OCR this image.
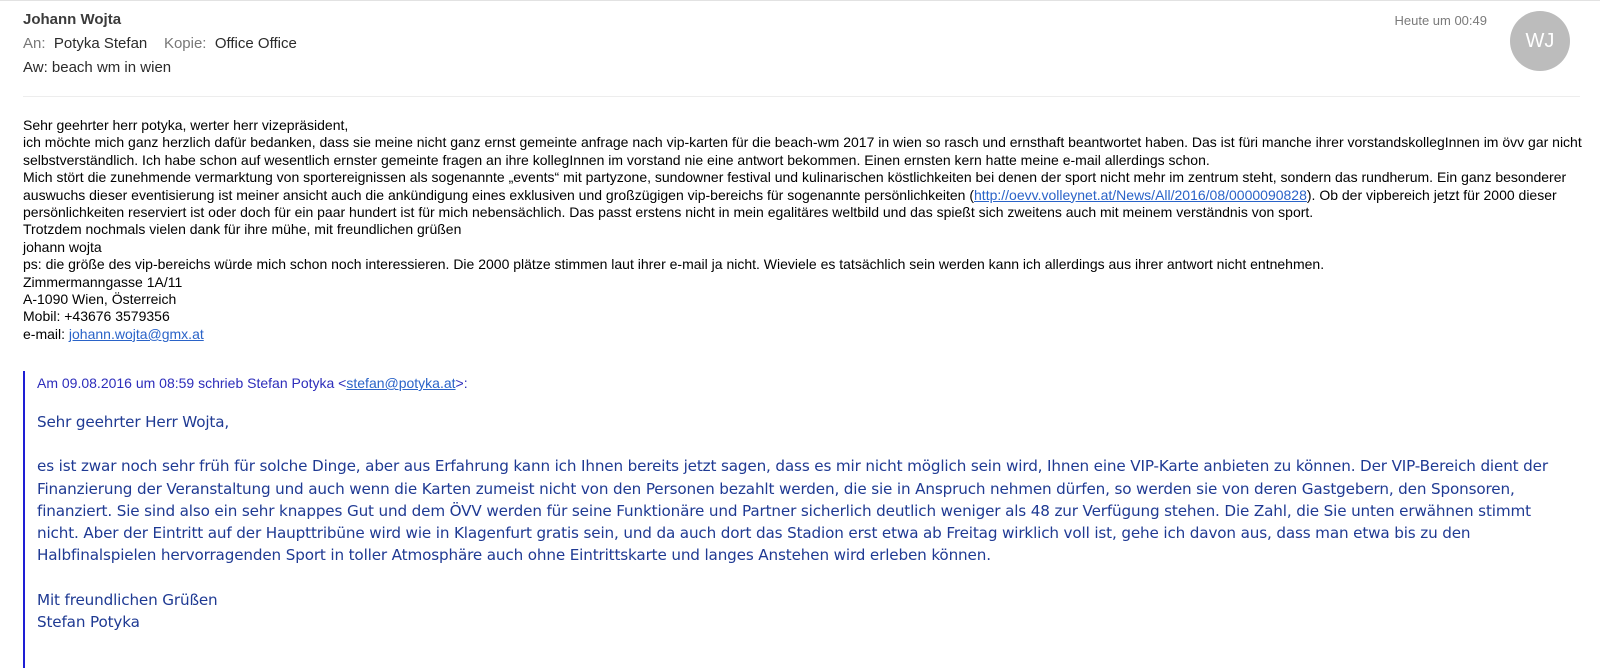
Johann Wojta
An: Potyka Stefan Kopie: Office Office
Aw: beach wm in wien
Heute um 00:49
WJ

Sehr geehrter herr potyka, werter herr vizepräsident,

ich möchte mich ganz herzlich dafür bedanken, dass sie meine nicht ganz ernst gemeinte anfrage nach vip-karten für die beach-wm 2017 in wien so rasch und ernsthaft beantwortet haben. Das ist füri manche ihrer vorstandskollegInnen im övv gar nicht selbstverständlich. Ich habe schon auf wesentlich ernster gemeinte fragen an ihre kollegInnen im vorstand nie eine antwort bekommen. Einen ernsten kern hatte meine e-mail allerdings schon.

Mich stört die zunehmende vermarktung von sportereignissen als sogenannte „events“ mit partyzone, sundowner festival und kulinarischen köstlichkeiten bei denen der sport nicht mehr im zentrum steht, sondern das rundherum. Ein ganz besonderer auswuchs dieser eventisierung ist meiner ansicht auch die ankündigung eines exklusiven und großzügigen vip-bereichs für sogenannte persönlichkeiten (http://oevv.volleynet.at/News/All/2016/08/0000090828). Ob der vipbereich jetzt für 2000 dieser persönlichkeiten reserviert ist oder doch für ein paar hundert ist für mich nebensächlich. Das passt erstens nicht in mein egalitäres weltbild und das spießt sich zweitens auch mit meinem verständnis von sport.

Trotzdem nochmals vielen dank für ihre mühe, mit freundlichen grüßen

johann wojta

ps: die größe des vip-bereichs würde mich schon noch interessieren. Die 2000 plätze stimmen laut ihrer e-mail ja nicht. Wieviele es tatsächlich sein werden kann ich allerdings aus ihrer antwort nicht entnehmen.

Zimmermanngasse 1A/11

A-1090 Wien, Österreich

Mobil: +43676 3579356

e-mail: johann.wojta@gmx.at

Am 09.08.2016 um 08:59 schrieb Stefan Potyka <stefan@potyka.at>:

Sehr geehrter Herr Wojta,

es ist zwar noch sehr früh für solche Dinge, aber aus Erfahrung kann ich Ihnen bereits jetzt sagen, dass es mir nicht möglich sein wird, Ihnen eine VIP-Karte anbieten zu können. Der VIP-Bereich dient der Finanzierung der Veranstaltung und auch wenn die Karten zumeist nicht von den Personen bezahlt werden, die sie in Anspruch nehmen dürfen, so werden sie von deren Gastgebern, den Sponsoren, finanziert. Sie sind also ein sehr knappes Gut und dem ÖVV werden für seine Funktionäre und Partner sicherlich deutlich weniger als 48 zur Verfügung stehen. Die Zahl, die Sie unten erwähnen stimmt nicht. Aber der Eintritt auf der Haupttribüne wird wie in Klagenfurt gratis sein, und da auch dort das Stadion erst etwa ab Freitag wirklich voll ist, gehe ich davon aus, dass man etwa bis zu den Halbfinalspielen hervorragenden Sport in toller Atmosphäre auch ohne Eintrittskarte und langes Anstehen wird erleben können.

Mit freundlichen Grüßen

Stefan Potyka
